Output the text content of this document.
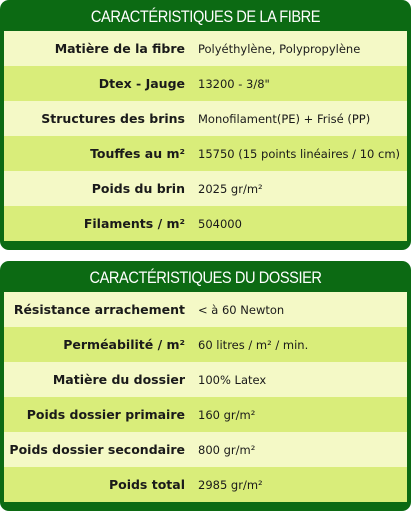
CARACTÉRISTIQUES DE LA FIBRE
Matière de la fibre	Polyéthylène, Polypropylène
Dtex - Jauge	13200 - 3/8"
Structures des brins	Monofilament(PE) + Frisé (PP)
Touffes au m²	15750 (15 points linéaires / 10 cm)
Poids du brin	2025 gr/m²
Filaments / m²	504000
CARACTÉRISTIQUES DU DOSSIER
Résistance arrachement	< à 60 Newton
Perméabilité / m²	60 litres / m² / min.
Matière du dossier	100% Latex
Poids dossier primaire	160 gr/m²
Poids dossier secondaire	800 gr/m²
Poids total	2985 gr/m²
